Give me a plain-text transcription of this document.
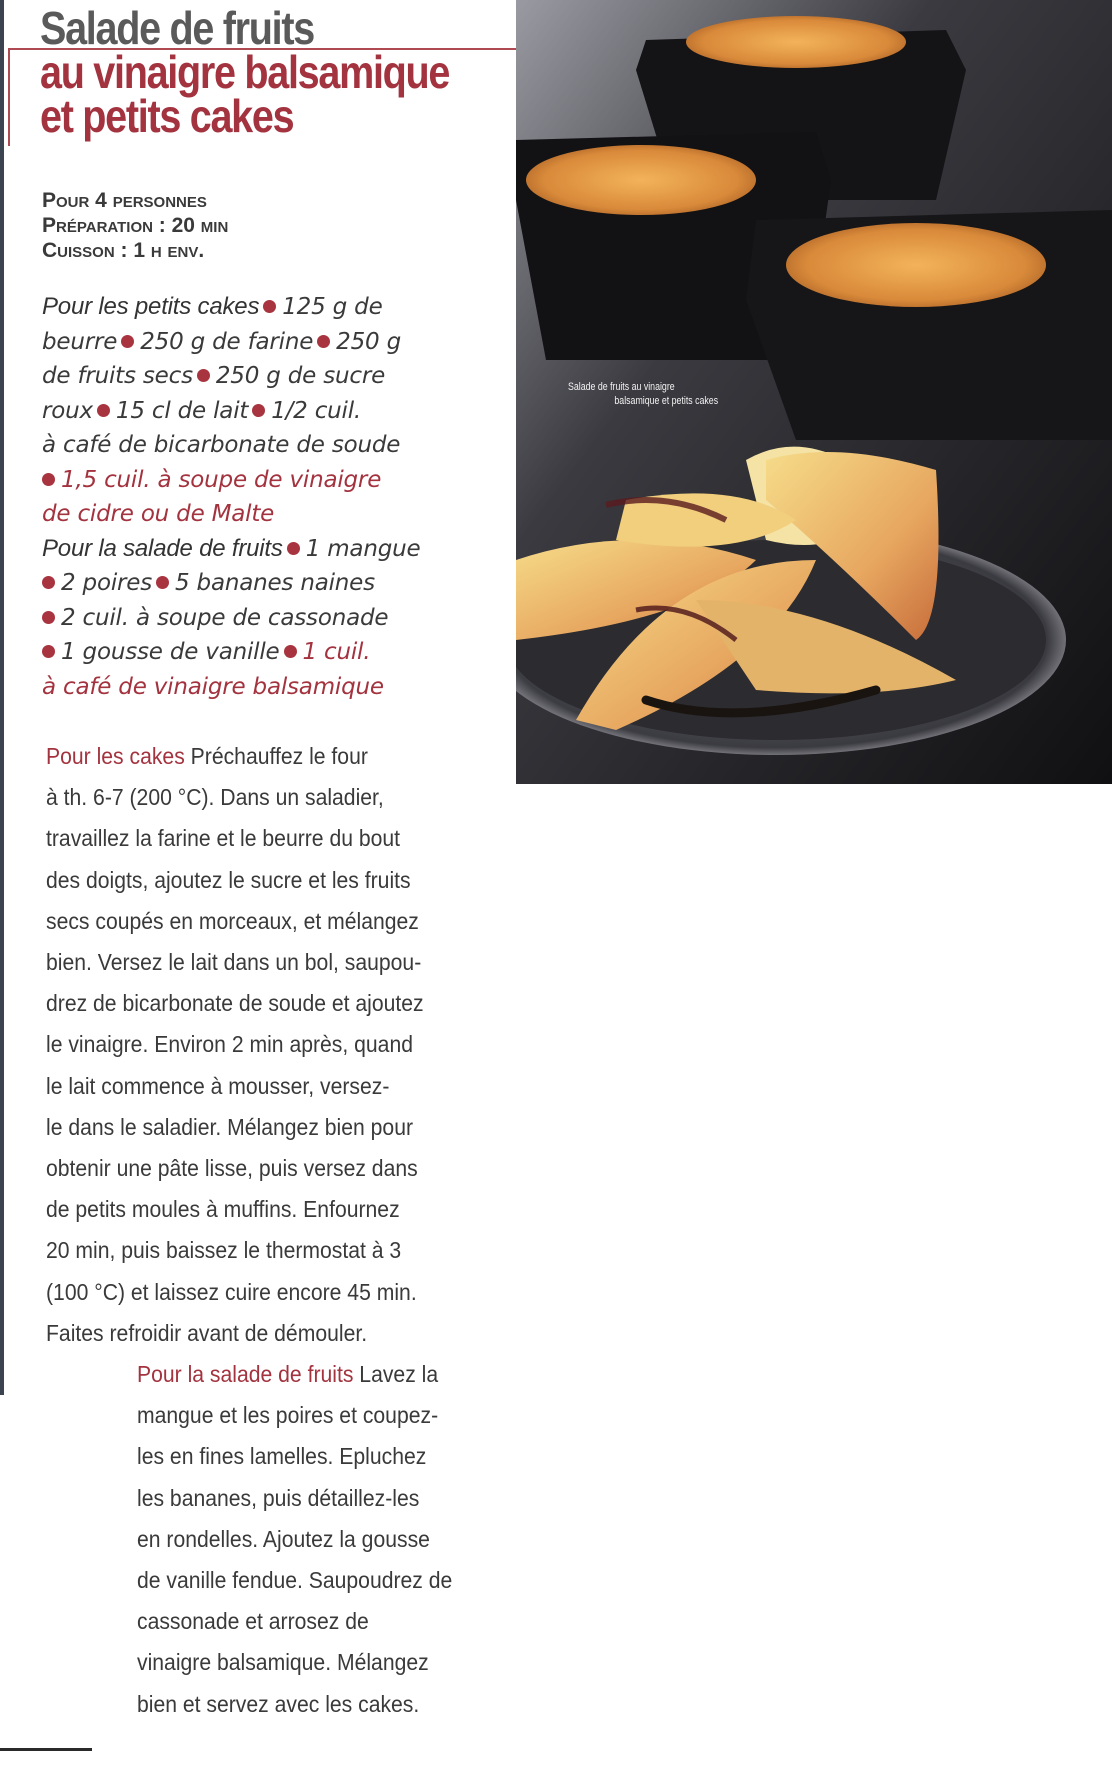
Salade de fruits
au vinaigre balsamique
et petits cakes
Pour 4 personnes
Préparation : 20 min
Cuisson : 1 h env.
Pour les petits cakes 125 g de
beurre 250 g de farine 250 g
de fruits secs 250 g de sucre
roux 15 cl de lait 1/2 cuil.
à café de bicarbonate de soude
1,5 cuil. à soupe de vinaigre
de cidre ou de Malte
Pour la salade de fruits 1 mangue
2 poires 5 bananes naines
2 cuil. à soupe de cassonade
1 gousse de vanille 1 cuil.
à café de vinaigre balsamique
Pour les cakes Préchauffez le four
à th. 6-7 (200 °C). Dans un saladier,
travaillez la farine et le beurre du bout
des doigts, ajoutez le sucre et les fruits
secs coupés en morceaux, et mélangez
bien. Versez le lait dans un bol, saupou-
drez de bicarbonate de soude et ajoutez
le vinaigre. Environ 2 min après, quand
le lait commence à mousser, versez-
le dans le saladier. Mélangez bien pour
obtenir une pâte lisse, puis versez dans
de petits moules à muffins. Enfournez
20 min, puis baissez le thermostat à 3
(100 °C) et laissez cuire encore 45 min.
Faites refroidir avant de démouler.
Pour la salade de fruits Lavez la
mangue et les poires et coupez-
les en fines lamelles. Epluchez
les bananes, puis détaillez-les
en rondelles. Ajoutez la gousse
de vanille fendue. Saupoudrez de
cassonade et arrosez de
vinaigre balsamique. Mélangez
bien et servez avec les cakes.
Salade de fruits au vinaigre
balsamique et petits cakes
